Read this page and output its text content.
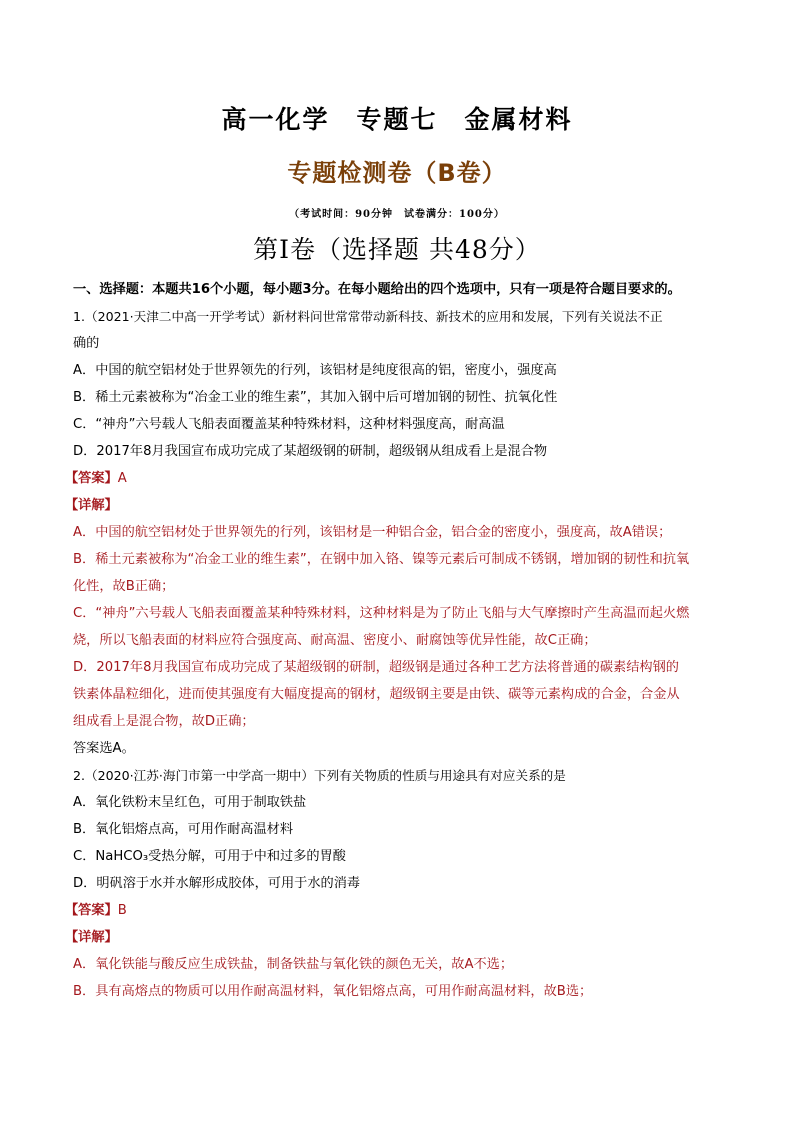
高一化学　专题七　金属材料
专题检测卷（B卷）
（考试时间：90分钟　试卷满分：100分）
第Ⅰ卷（选择题 共48分）

一、选择题：本题共16个小题，每小题3分。在每小题给出的四个选项中，只有一项是符合题目要求的。

1.（2021·天津二中高一开学考试）新材料问世常常带动新科技、新技术的应用和发展，下列有关说法不正

确的

A．中国的航空铝材处于世界领先的行列，该铝材是纯度很高的铝，密度小，强度高

B．稀土元素被称为“冶金工业的维生素”，其加入钢中后可增加钢的韧性、抗氧化性

C．“神舟”六号载人飞船表面覆盖某种特殊材料，这种材料强度高，耐高温

D．2017年8月我国宣布成功完成了某超级钢的研制，超级钢从组成看上是混合物

【答案】A

【详解】

A．中国的航空铝材处于世界领先的行列，该铝材是一种铝合金，铝合金的密度小，强度高，故A错误；

B．稀土元素被称为“冶金工业的维生素”，在钢中加入铬、镍等元素后可制成不锈钢，增加钢的韧性和抗氧

化性，故B正确；

C．“神舟”六号载人飞船表面覆盖某种特殊材料，这种材料是为了防止飞船与大气摩擦时产生高温而起火燃

烧，所以飞船表面的材料应符合强度高、耐高温、密度小、耐腐蚀等优异性能，故C正确；

D．2017年8月我国宣布成功完成了某超级钢的研制，超级钢是通过各种工艺方法将普通的碳素结构钢的

铁素体晶粒细化，进而使其强度有大幅度提高的钢材，超级钢主要是由铁、碳等元素构成的合金，合金从

组成看上是混合物，故D正确；

答案选A。

2.（2020·江苏·海门市第一中学高一期中）下列有关物质的性质与用途具有对应关系的是

A．氧化铁粉末呈红色，可用于制取铁盐

B．氧化铝熔点高，可用作耐高温材料

C．NaHCO₃受热分解，可用于中和过多的胃酸

D．明矾溶于水并水解形成胶体，可用于水的消毒

【答案】B

【详解】

A．氧化铁能与酸反应生成铁盐，制备铁盐与氧化铁的颜色无关，故A不选；

B．具有高熔点的物质可以用作耐高温材料，氧化铝熔点高，可用作耐高温材料，故B选；
